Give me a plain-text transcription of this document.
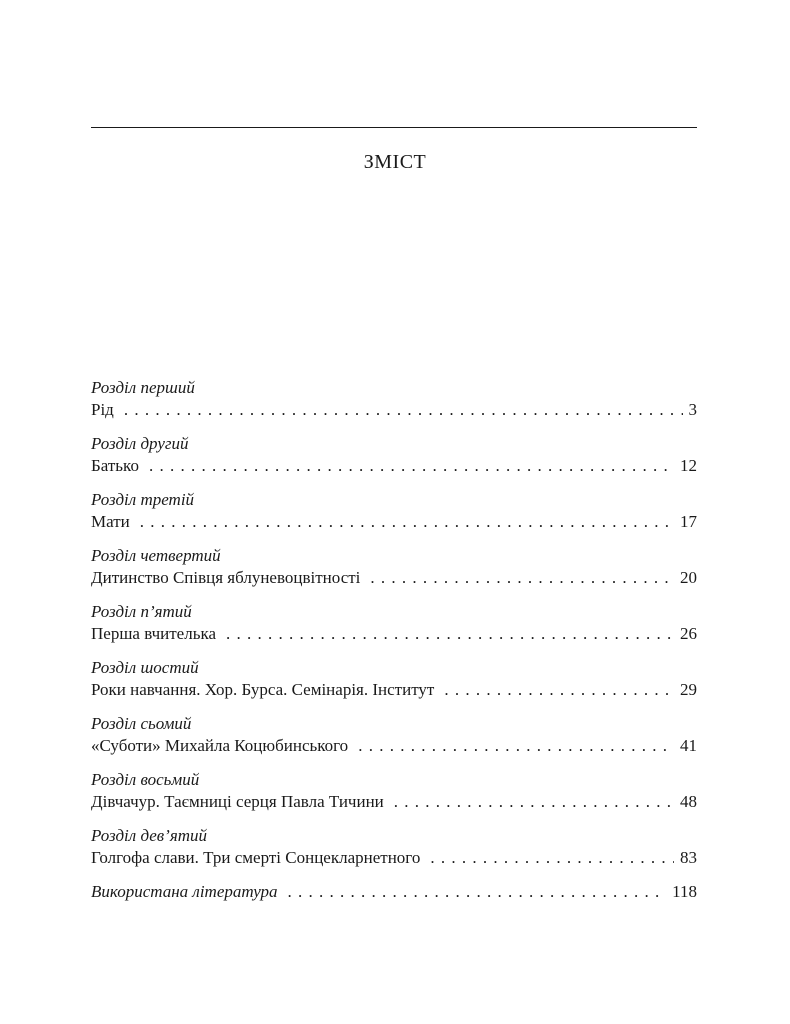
ЗМІСТ
Розділ перший
Рід . . .	3
Розділ другий
Батько . . .	12
Розділ третій
Мати . . .	17
Розділ четвертий
Дитинство Співця яблуневоцвітності . . .	20
Розділ п’ятий
Перша вчителька . . .	26
Розділ шостий
Роки навчання. Хор. Бурса. Семінарія. Інститут . . .	29
Розділ сьомий
«Суботи» Михайла Коцюбинського . . .	41
Розділ восьмий
Дівчачур. Таємниці серця Павла Тичини . . .	48
Розділ дев’ятий
Голгофа слави. Три смерті Сонцекларнетного . . .	83
Використана література . . .	118
